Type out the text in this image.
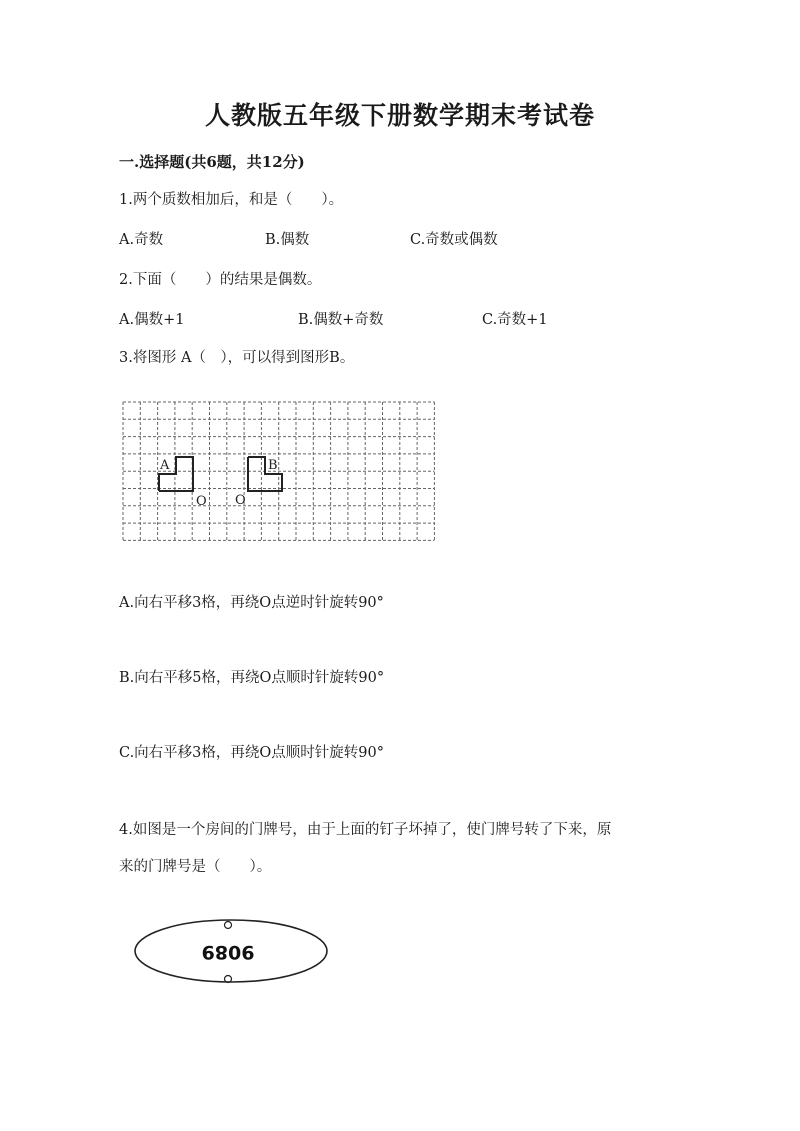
人教版五年级下册数学期末考试卷
一.选择题(共6题，共12分)
1.两个质数相加后，和是（　　）。
A.奇数	B.偶数	C.奇数或偶数
2.下面（　　）的结果是偶数。
A.偶数+1	B.偶数+奇数	C.奇数+1
3.将图形 A（　），可以得到图形B。
A	B
O O
A.向右平移3格，再绕O点逆时针旋转90°
B.向右平移5格，再绕O点顺时针旋转90°
C.向右平移3格，再绕O点顺时针旋转90°
4.如图是一个房间的门牌号，由于上面的钉子坏掉了，使门牌号转了下来，原
来的门牌号是（　　）。
9089
